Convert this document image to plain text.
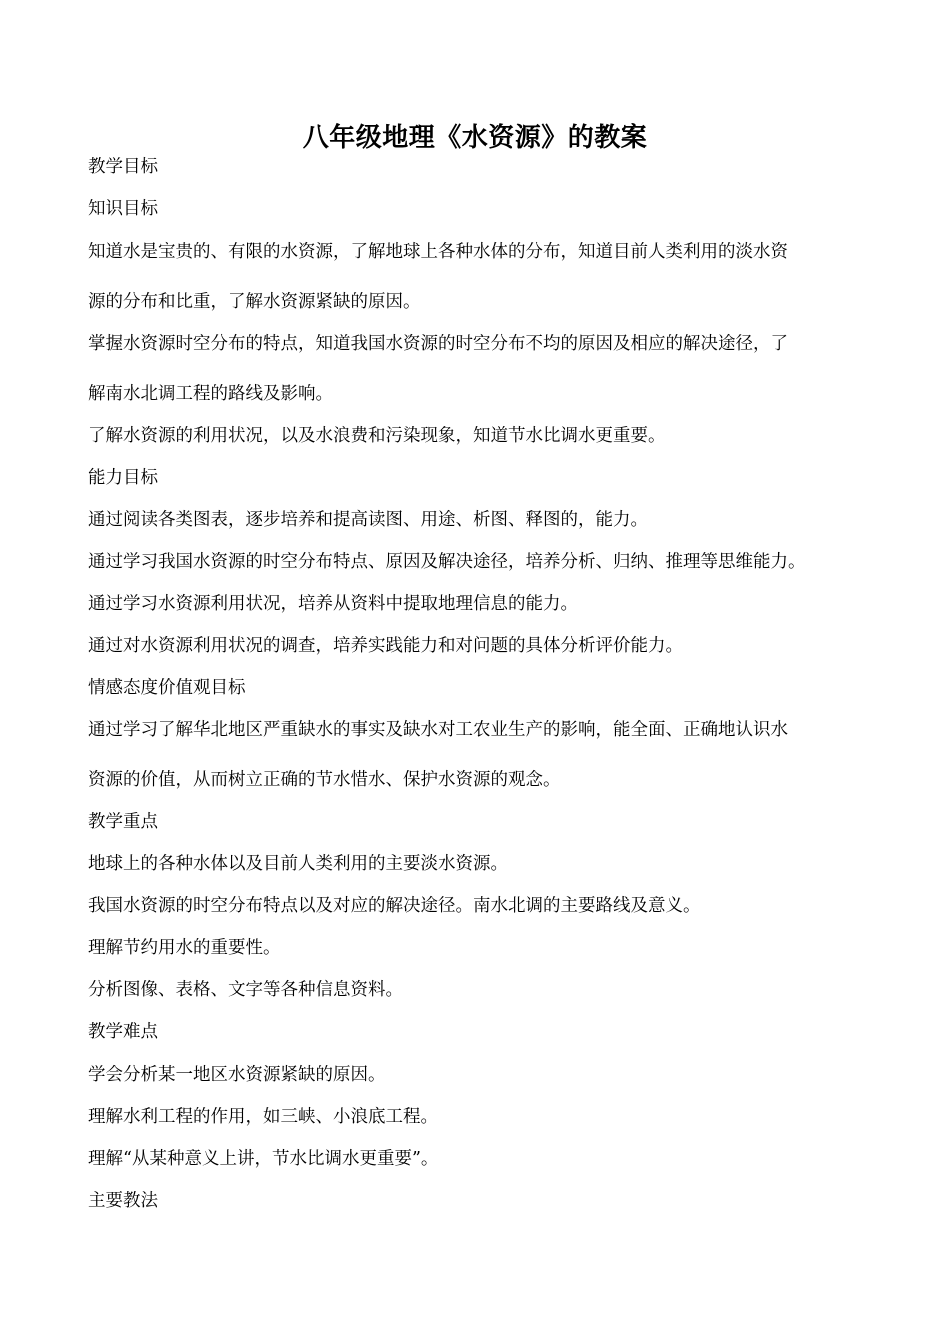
八年级地理《水资源》的教案
教学目标
知识目标
知道水是宝贵的、有限的水资源，了解地球上各种水体的分布，知道目前人类利用的淡水资
源的分布和比重，了解水资源紧缺的原因。
掌握水资源时空分布的特点，知道我国水资源的时空分布不均的原因及相应的解决途径，了
解南水北调工程的路线及影响。
了解水资源的利用状况，以及水浪费和污染现象，知道节水比调水更重要。
能力目标
通过阅读各类图表，逐步培养和提高读图、用途、析图、释图的，能力。
通过学习我国水资源的时空分布特点、原因及解决途径，培养分析、归纳、推理等思维能力。
通过学习水资源利用状况，培养从资料中提取地理信息的能力。
通过对水资源利用状况的调查，培养实践能力和对问题的具体分析评价能力。
情感态度价值观目标
通过学习了解华北地区严重缺水的事实及缺水对工农业生产的影响，能全面、正确地认识水
资源的价值，从而树立正确的节水惜水、保护水资源的观念。
教学重点
地球上的各种水体以及目前人类利用的主要淡水资源。
我国水资源的时空分布特点以及对应的解决途径。南水北调的主要路线及意义。
理解节约用水的重要性。
分析图像、表格、文字等各种信息资料。
教学难点
学会分析某一地区水资源紧缺的原因。
理解水利工程的作用，如三峡、小浪底工程。
理解“从某种意义上讲，节水比调水更重要”。
主要教法
